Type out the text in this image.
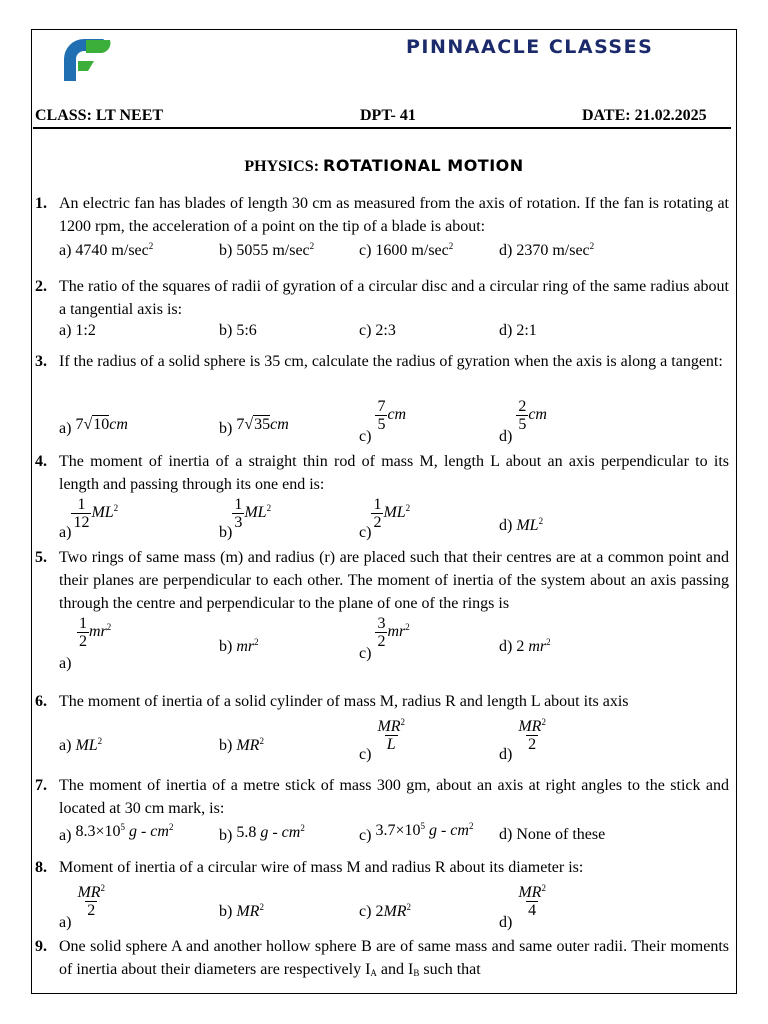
PINNAACLE CLASSES
CLASS: LT NEET	DPT- 41	DATE: 21.02.2025
PHYSICS: ROTATIONAL MOTION
1. An electric fan has blades of length 30 cm as measured from the axis of rotation. If the fan is rotating at 1200 rpm, the acceleration of a point on the tip of a blade is about:
a) 4740 $m/\sec^2$	b) 5055 $m/\sec^2$	c) 1600 $m/\sec^2$	d) 2370 $m/\sec^2$
2. The ratio of the squares of radii of gyration of a circular disc and a circular ring of the same radius about a tangential axis is:
a) 1:2	b) 5:6	c) 2:3	d) 2:1
3. If the radius of a solid sphere is 35 cm, calculate the radius of gyration when the axis is along a tangent:
a) 7√10cm	b) 7√35cm
c)
$\frac{7}{5}$ cm
d)
$\frac{2}{5}$ cm
4. The moment of inertia of a straight thin rod of mass M, length L about an axis perpendicular to its length and passing through its one end is:
a)
$\frac{1}{12} ML^2$
b)
$\frac{1}{3} ML^2$
c)
$\frac{1}{2} ML^2$
d) $ML^2$
5. Two rings of same mass (m) and radius (r) are placed such that their centres are at a common point and their planes are perpendicular to each other. The moment of inertia of the system about an axis passing through the centre and perpendicular to the plane of one of the rings is
$\frac{1}{2} mr^2$
a)
b) $mr^2$
c)
$\frac{3}{2} mr^2$
d) 2 $mr^2$
6. The moment of inertia of a solid cylinder of mass M, radius R and length L about its axis
a) $ML^2$	b) $MR^2$
c)
$\frac{MR^2}{L}$
d)
$\frac{MR^2}{2}$
7. The moment of inertia of a metre stick of mass 300 gm, about an axis at right angles to the stick and located at 30 cm mark, is:
a) $8.3\times 10^5$ g - $cm^2$	b) 5.8 g - $cm^2$	c) $3.7\times 10^5$ g - $cm^2$ d) None of these
8. Moment of inertia of a circular wire of mass M and radius R about its diameter is:
a)
$\frac{MR^2}{2}$	b) $MR^2$	c) $2MR^2$
d)
$\frac{MR^2}{4}$
9. One solid sphere A and another hollow sphere B are of same mass and same outer radii. Their moments of inertia about their diameters are respectively $I_A$ and $I_B$ such that
